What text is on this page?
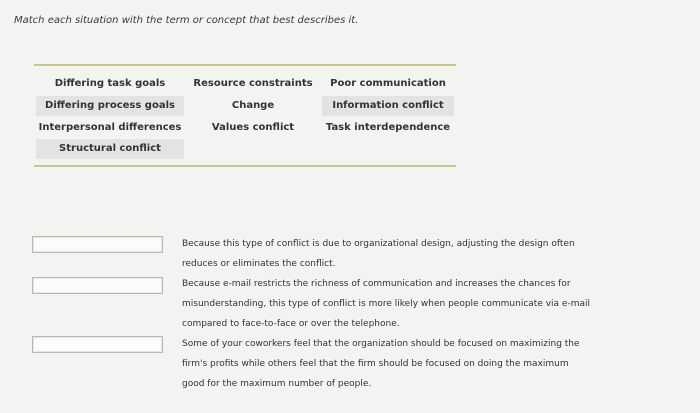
Match each situation with the term or concept that best describes it.
Differing task goals	Resource constraints	Poor communication
Differing process goals	Change	Information conflict
Interpersonal differences	Values conflict	Task interdependence
Structural conflict
Because this type of conflict is due to organizational design, adjusting the design often
reduces or eliminates the conflict.
Because e-mail restricts the richness of communication and increases the chances for
misunderstanding, this type of conflict is more likely when people communicate via e-mail
compared to face-to-face or over the telephone.
Some of your coworkers feel that the organization should be focused on maximizing the
firm's profits while others feel that the firm should be focused on doing the maximum
good for the maximum number of people.
